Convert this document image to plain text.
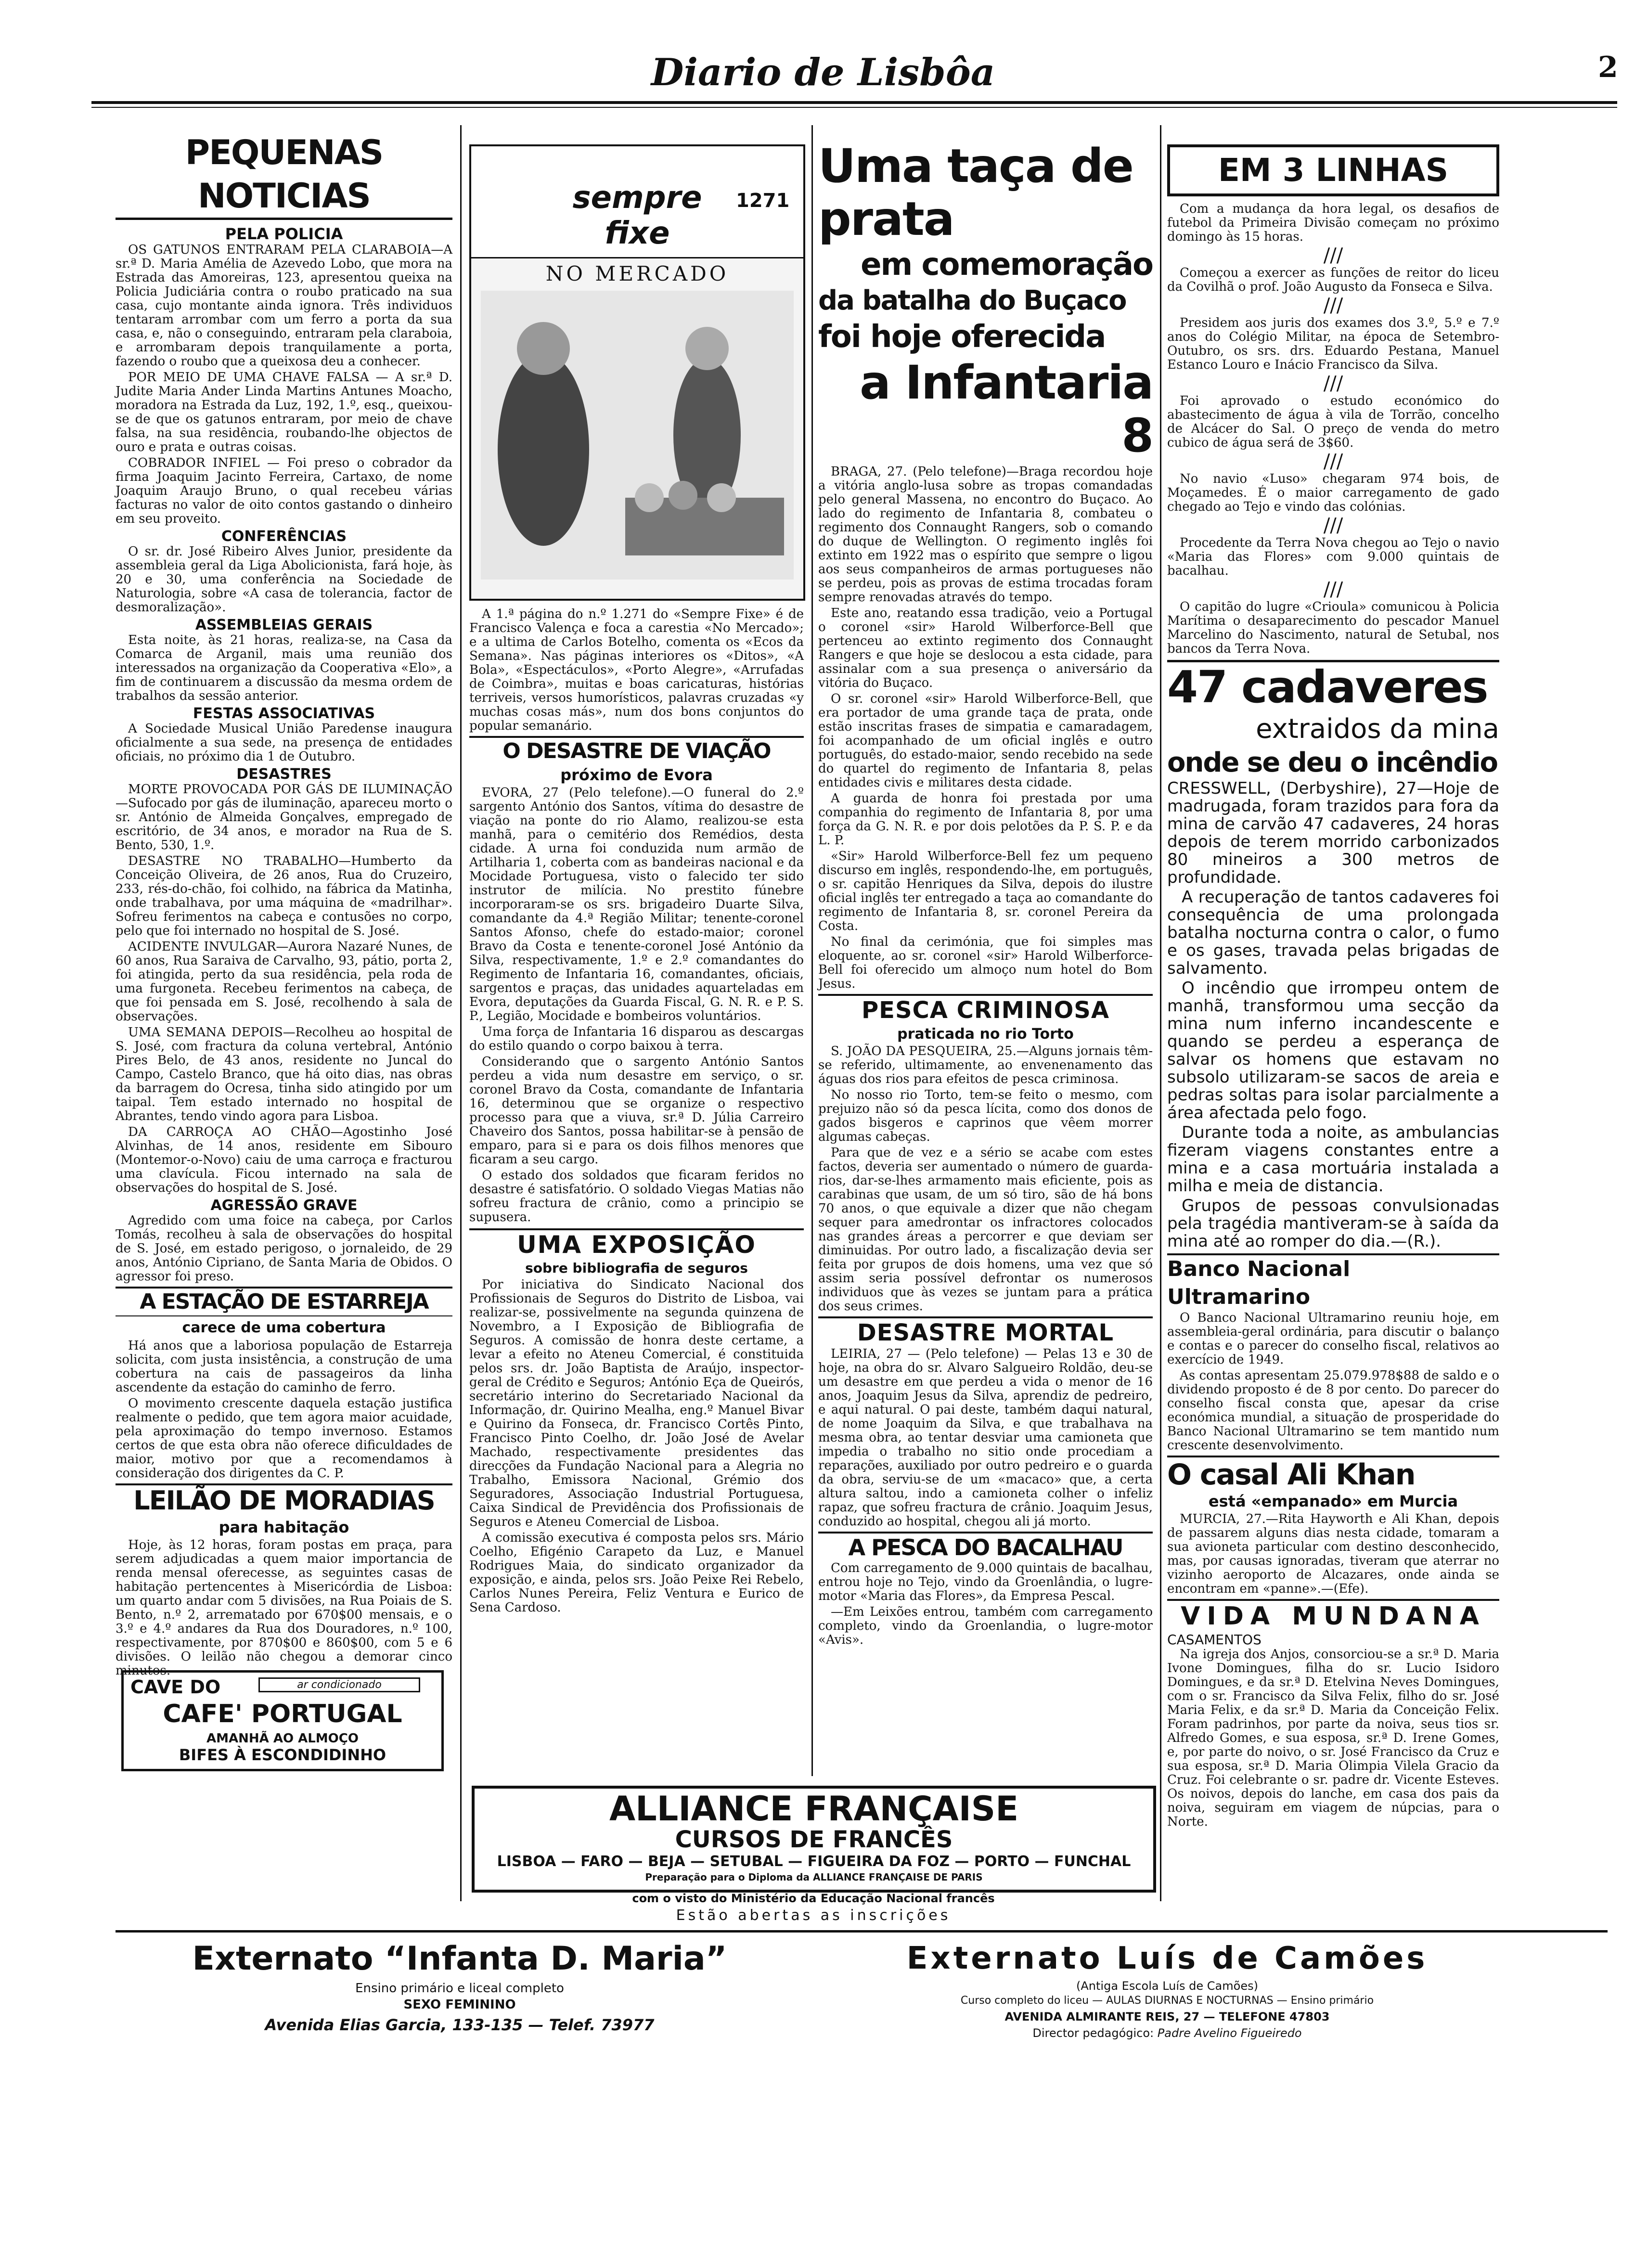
Diario de Lisbôa	2
PEQUENAS NOTICIAS
PELA POLICIA

OS GATUNOS ENTRARAM PELA CLARABOIA—A sr.ª D. Maria Amélia de Azevedo Lobo, que mora na Estrada das Amoreiras, 123, apresentou queixa na Policia Judiciária contra o roubo praticado na sua casa, cujo montante ainda ignora. Três individuos tentaram arrombar com um ferro a porta da sua casa, e, não o conseguindo, entraram pela claraboia, e arrombaram depois tranquilamente a porta, fazendo o roubo que a queixosa deu a conhecer.

POR MEIO DE UMA CHAVE FALSA — A sr.ª D. Judite Maria Ander Linda Martins Antunes Moacho, moradora na Estrada da Luz, 192, 1.º, esq., queixou-se de que os gatunos entraram, por meio de chave falsa, na sua residência, roubando-lhe objectos de ouro e prata e outras coisas.

COBRADOR INFIEL — Foi preso o cobrador da firma Joaquim Jacinto Ferreira, Cartaxo, de nome Joaquim Araujo Bruno, o qual recebeu várias facturas no valor de oito contos gastando o dinheiro em seu proveito.

CONFERÊNCIAS

O sr. dr. José Ribeiro Alves Junior, presidente da assembleia geral da Liga Abolicionista, fará hoje, às 20 e 30, uma conferência na Sociedade de Naturologia, sobre «A casa de tolerancia, factor de desmoralização».

ASSEMBLEIAS GERAIS

Esta noite, às 21 horas, realiza-se, na Casa da Comarca de Arganil, mais uma reunião dos interessados na organização da Cooperativa «Elo», a fim de continuarem a discussão da mesma ordem de trabalhos da sessão anterior.

FESTAS ASSOCIATIVAS

A Sociedade Musical União Paredense inaugura oficialmente a sua sede, na presença de entidades oficiais, no próximo dia 1 de Outubro.

DESASTRES

MORTE PROVOCADA POR GÁS DE ILUMINAÇÃO—Sufocado por gás de iluminação, apareceu morto o sr. António de Almeida Gonçalves, empregado de escritório, de 34 anos, e morador na Rua de S. Bento, 530, 1.º.

DESASTRE NO TRABALHO—Humberto da Conceição Oliveira, de 26 anos, Rua do Cruzeiro, 233, rés-do-chão, foi colhido, na fábrica da Matinha, onde trabalhava, por uma máquina de «madrilhar». Sofreu ferimentos na cabeça e contusões no corpo, pelo que foi internado no hospital de S. José.

ACIDENTE INVULGAR—Aurora Nazaré Nunes, de 60 anos, Rua Saraiva de Carvalho, 93, pátio, porta 2, foi atingida, perto da sua residência, pela roda de uma furgoneta. Recebeu ferimentos na cabeça, de que foi pensada em S. José, recolhendo à sala de observações.

UMA SEMANA DEPOIS—Recolheu ao hospital de S. José, com fractura da coluna vertebral, António Pires Belo, de 43 anos, residente no Juncal do Campo, Castelo Branco, que há oito dias, nas obras da barragem do Ocresa, tinha sido atingido por um taipal. Tem estado internado no hospital de Abrantes, tendo vindo agora para Lisboa.

DA CARROÇA AO CHÃO—Agostinho José Alvinhas, de 14 anos, residente em Sibouro (Montemor-o-Novo) caiu de uma carroça e fracturou uma clavícula. Ficou internado na sala de observações do hospital de S. José.

AGRESSÃO GRAVE

Agredido com uma foice na cabeça, por Carlos Tomás, recolheu à sala de observações do hospital de S. José, em estado perigoso, o jornaleido, de 29 anos, António Cipriano, de Santa Maria de Obidos. O agressor foi preso.

A ESTAÇÃO DE ESTARREJA
carece de uma cobertura

Há anos que a laboriosa população de Estarreja solicita, com justa insistência, a construção de uma cobertura na cais de passageiros da linha ascendente da estação do caminho de ferro.

O movimento crescente daquela estação justifica realmente o pedido, que tem agora maior acuidade, pela aproximação do tempo invernoso. Estamos certos de que esta obra não oferece dificuldades de maior, motivo por que a recomendamos à consideração dos dirigentes da C. P.

LEILÃO DE MORADIAS
para habitação

Hoje, às 12 horas, foram postas em praça, para serem adjudicadas a quem maior importancia de renda mensal oferecesse, as seguintes casas de habitação pertencentes à Misericórdia de Lisboa: um quarto andar com 5 divisões, na Rua Poiais de S. Bento, n.º 2, arrematado por 670$00 mensais, e o 3.º e 4.º andares da Rua dos Douradores, n.º 100, respectivamente, por 870$00 e 860$00, com 5 e 6 divisões. O leilão não chegou a demorar cinco minutos.

CAVE DO	ar condicionado
CAFE' PORTUGAL
AMANHÃ AO ALMOÇO
BIFES À ESCONDIDINHO
sempre fixe
1271
NO MERCADO

A 1.ª página do n.º 1.271 do «Sempre Fixe» é de Francisco Valença e foca a carestia «No Mercado»; e a ultima de Carlos Botelho, comenta os «Ecos da Semana». Nas páginas interiores os «Ditos», «A Bola», «Espectáculos», «Porto Alegre», «Arrufadas de Coimbra», muitas e boas caricaturas, histórias terriveis, versos humorísticos, palavras cruzadas «y muchas cosas más», num dos bons conjuntos do popular semanário.

O DESASTRE DE VIAÇÃO
próximo de Evora

EVORA, 27 (Pelo telefone).—O funeral do 2.º sargento António dos Santos, vítima do desastre de viação na ponte do rio Alamo, realizou-se esta manhã, para o cemitério dos Remédios, desta cidade. A urna foi conduzida num armão de Artilharia 1, coberta com as bandeiras nacional e da Mocidade Portuguesa, visto o falecido ter sido instrutor de milícia. No prestito fúnebre incorporaram-se os srs. brigadeiro Duarte Silva, comandante da 4.ª Região Militar; tenente-coronel Santos Afonso, chefe do estado-maior; coronel Bravo da Costa e tenente-coronel José António da Silva, respectivamente, 1.º e 2.º comandantes do Regimento de Infantaria 16, comandantes, oficiais, sargentos e praças, das unidades aquarteladas em Evora, deputações da Guarda Fiscal, G. N. R. e P. S. P., Legião, Mocidade e bombeiros voluntários.

Uma força de Infantaria 16 disparou as descargas do estilo quando o corpo baixou à terra.

Considerando que o sargento António Santos perdeu a vida num desastre em serviço, o sr. coronel Bravo da Costa, comandante de Infantaria 16, determinou que se organize o respectivo processo para que a viuva, sr.ª D. Júlia Carreiro Chaveiro dos Santos, possa habilitar-se à pensão de emparo, para si e para os dois filhos menores que ficaram a seu cargo.

O estado dos soldados que ficaram feridos no desastre é satisfatório. O soldado Viegas Matias não sofreu fractura de crânio, como a principio se supusera.

UMA EXPOSIÇÃO
sobre bibliografia de seguros

Por iniciativa do Sindicato Nacional dos Profissionais de Seguros do Distrito de Lisboa, vai realizar-se, possivelmente na segunda quinzena de Novembro, a I Exposição de Bibliografia de Seguros. A comissão de honra deste certame, a levar a efeito no Ateneu Comercial, é constituida pelos srs. dr. João Baptista de Araújo, inspector-geral de Crédito e Seguros; António Eça de Queirós, secretário interino do Secretariado Nacional da Informação, dr. Quirino Mealha, eng.º Manuel Bivar e Quirino da Fonseca, dr. Francisco Cortês Pinto, Francisco Pinto Coelho, dr. João José de Avelar Machado, respectivamente presidentes das direcções da Fundação Nacional para a Alegria no Trabalho, Emissora Nacional, Grémio dos Seguradores, Associação Industrial Portuguesa, Caixa Sindical de Previdência dos Profissionais de Seguros e Ateneu Comercial de Lisboa.

A comissão executiva é composta pelos srs. Mário Coelho, Efigénio Carapeto da Luz, e Manuel Rodrigues Maia, do sindicato organizador da exposição, e ainda, pelos srs. João Peixe Rei Rebelo, Carlos Nunes Pereira, Feliz Ventura e Eurico de Sena Cardoso.

Uma taça de prata
em comemoração
da batalha do Buçaco
foi hoje oferecida
a Infantaria 8

BRAGA, 27. (Pelo telefone)—Braga recordou hoje a vitória anglo-lusa sobre as tropas comandadas pelo general Massena, no encontro do Buçaco. Ao lado do regimento de Infantaria 8, combateu o regimento dos Connaught Rangers, sob o comando do duque de Wellington. O regimento inglês foi extinto em 1922 mas o espírito que sempre o ligou aos seus companheiros de armas portugueses não se perdeu, pois as provas de estima trocadas foram sempre renovadas através do tempo.

Este ano, reatando essa tradição, veio a Portugal o coronel «sir» Harold Wilberforce-Bell que pertenceu ao extinto regimento dos Connaught Rangers e que hoje se deslocou a esta cidade, para assinalar com a sua presença o aniversário da vitória do Buçaco.

O sr. coronel «sir» Harold Wilberforce-Bell, que era portador de uma grande taça de prata, onde estão inscritas frases de simpatia e camaradagem, foi acompanhado de um oficial inglês e outro português, do estado-maior, sendo recebido na sede do quartel do regimento de Infantaria 8, pelas entidades civis e militares desta cidade.

A guarda de honra foi prestada por uma companhia do regimento de Infantaria 8, por uma força da G. N. R. e por dois pelotões da P. S. P. e da L. P.

«Sir» Harold Wilberforce-Bell fez um pequeno discurso em inglês, respondendo-lhe, em português, o sr. capitão Henriques da Silva, depois do ilustre oficial inglês ter entregado a taça ao comandante do regimento de Infantaria 8, sr. coronel Pereira da Costa.

No final da cerimónia, que foi simples mas eloquente, ao sr. coronel «sir» Harold Wilberforce-Bell foi oferecido um almoço num hotel do Bom Jesus.

PESCA CRIMINOSA
praticada no rio Torto

S. JOÃO DA PESQUEIRA, 25.—Alguns jornais têm-se referido, ultimamente, ao envenenamento das águas dos rios para efeitos de pesca criminosa.

No nosso rio Torto, tem-se feito o mesmo, com prejuizo não só da pesca lícita, como dos donos de gados bisgeros e caprinos que vêem morrer algumas cabeças.

Para que de vez e a sério se acabe com estes factos, deveria ser aumentado o número de guarda-rios, dar-se-lhes armamento mais eficiente, pois as carabinas que usam, de um só tiro, são de há bons 70 anos, o que equivale a dizer que não chegam sequer para amedrontar os infractores colocados nas grandes áreas a percorrer e que deviam ser diminuidas. Por outro lado, a fiscalização devia ser feita por grupos de dois homens, uma vez que só assim seria possível defrontar os numerosos individuos que às vezes se juntam para a prática dos seus crimes.

DESASTRE MORTAL

LEIRIA, 27 — (Pelo telefone) — Pelas 13 e 30 de hoje, na obra do sr. Alvaro Salgueiro Roldão, deu-se um desastre em que perdeu a vida o menor de 16 anos, Joaquim Jesus da Silva, aprendiz de pedreiro, e aqui natural. O pai deste, também daqui natural, de nome Joaquim da Silva, e que trabalhava na mesma obra, ao tentar desviar uma camioneta que impedia o trabalho no sitio onde procediam a reparações, auxiliado por outro pedreiro e o guarda da obra, serviu-se de um «macaco» que, a certa altura saltou, indo a camioneta colher o infeliz rapaz, que sofreu fractura de crânio. Joaquim Jesus, conduzido ao hospital, chegou ali já morto.

A PESCA DO BACALHAU

Com carregamento de 9.000 quintais de bacalhau, entrou hoje no Tejo, vindo da Groenlândia, o lugre-motor «Maria das Flores», da Empresa Pescal.

—Em Leixões entrou, também com carregamento completo, vindo da Groenlandia, o lugre-motor «Avis».

EM 3 LINHAS

Com a mudança da hora legal, os desafios de futebol da Primeira Divisão começam no próximo domingo às 15 horas.

///

Começou a exercer as funções de reitor do liceu da Covilhã o prof. João Augusto da Fonseca e Silva.

///

Presidem aos juris dos exames dos 3.º, 5.º e 7.º anos do Colégio Militar, na época de Setembro-Outubro, os srs. drs. Eduardo Pestana, Manuel Estanco Louro e Inácio Francisco da Silva.

///

Foi aprovado o estudo económico do abastecimento de água à vila de Torrão, concelho de Alcácer do Sal. O preço de venda do metro cubico de água será de 3$60.

///

No navio «Luso» chegaram 974 bois, de Moçamedes. É o maior carregamento de gado chegado ao Tejo e vindo das colónias.

///

Procedente da Terra Nova chegou ao Tejo o navio «Maria das Flores» com 9.000 quintais de bacalhau.

///

O capitão do lugre «Crioula» comunicou à Policia Marítima o desaparecimento do pescador Manuel Marcelino do Nascimento, natural de Setubal, nos bancos da Terra Nova.

47 cadaveres
extraidos da mina
onde se deu o incêndio

CRESSWELL, (Derbyshire), 27—Hoje de madrugada, foram trazidos para fora da mina de carvão 47 cadaveres, 24 horas depois de terem morrido carbonizados 80 mineiros a 300 metros de profundidade.

A recuperação de tantos cadaveres foi consequência de uma prolongada batalha nocturna contra o calor, o fumo e os gases, travada pelas brigadas de salvamento.

O incêndio que irrompeu ontem de manhã, transformou uma secção da mina num inferno incandescente e quando se perdeu a esperança de salvar os homens que estavam no subsolo utilizaram-se sacos de areia e pedras soltas para isolar parcialmente a área afectada pelo fogo.

Durante toda a noite, as ambulancias fizeram viagens constantes entre a mina e a casa mortuária instalada a milha e meia de distancia.

Grupos de pessoas convulsionadas pela tragédia mantiveram-se à saída da mina até ao romper do dia.—(R.).

Banco Nacional Ultramarino

O Banco Nacional Ultramarino reuniu hoje, em assembleia-geral ordinária, para discutir o balanço e contas e o parecer do conselho fiscal, relativos ao exercício de 1949.

As contas apresentam 25.079.978$88 de saldo e o dividendo proposto é de 8 por cento. Do parecer do conselho fiscal consta que, apesar da crise económica mundial, a situação de prosperidade do Banco Nacional Ultramarino se tem mantido num crescente desenvolvimento.

O casal Ali Khan
está «empanado» em Murcia

MURCIA, 27.—Rita Hayworth e Ali Khan, depois de passarem alguns dias nesta cidade, tomaram a sua avioneta particular com destino desconhecido, mas, por causas ignoradas, tiveram que aterrar no vizinho aeroporto de Alcazares, onde ainda se encontram em «panne».—(Efe).

VIDA MUNDANA
CASAMENTOS

Na igreja dos Anjos, consorciou-se a sr.ª D. Maria Ivone Domingues, filha do sr. Lucio Isidoro Domingues, e da sr.ª D. Etelvina Neves Domingues, com o sr. Francisco da Silva Felix, filho do sr. José Maria Felix, e da sr.ª D. Maria da Conceição Felix. Foram padrinhos, por parte da noiva, seus tios sr. Alfredo Gomes, e sua esposa, sr.ª D. Irene Gomes, e, por parte do noivo, o sr. José Francisco da Cruz e sua esposa, sr.ª D. Maria Olimpia Vilela Gracio da Cruz. Foi celebrante o sr. padre dr. Vicente Esteves. Os noivos, depois do lanche, em casa dos pais da noiva, seguiram em viagem de núpcias, para o Norte.

ALLIANCE FRANÇAISE
CURSOS DE FRANCÊS
LISBOA — FARO — BEJA — SETUBAL — FIGUEIRA DA FOZ — PORTO — FUNCHAL
Preparação para o Diploma da ALLIANCE FRANÇAISE DE PARIS
com o visto do Ministério da Educação Nacional francês
Estão abertas as inscrições
Externato “Infanta D. Maria”
Ensino primário e liceal completo
SEXO FEMININO
Avenida Elias Garcia, 133-135 — Telef. 73977
Externato Luís de Camões
(Antiga Escola Luís de Camões)
Curso completo do liceu — AULAS DIURNAS E NOCTURNAS — Ensino primário
AVENIDA ALMIRANTE REIS, 27 — TELEFONE 47803
Director pedagógico: Padre Avelino Figueiredo
